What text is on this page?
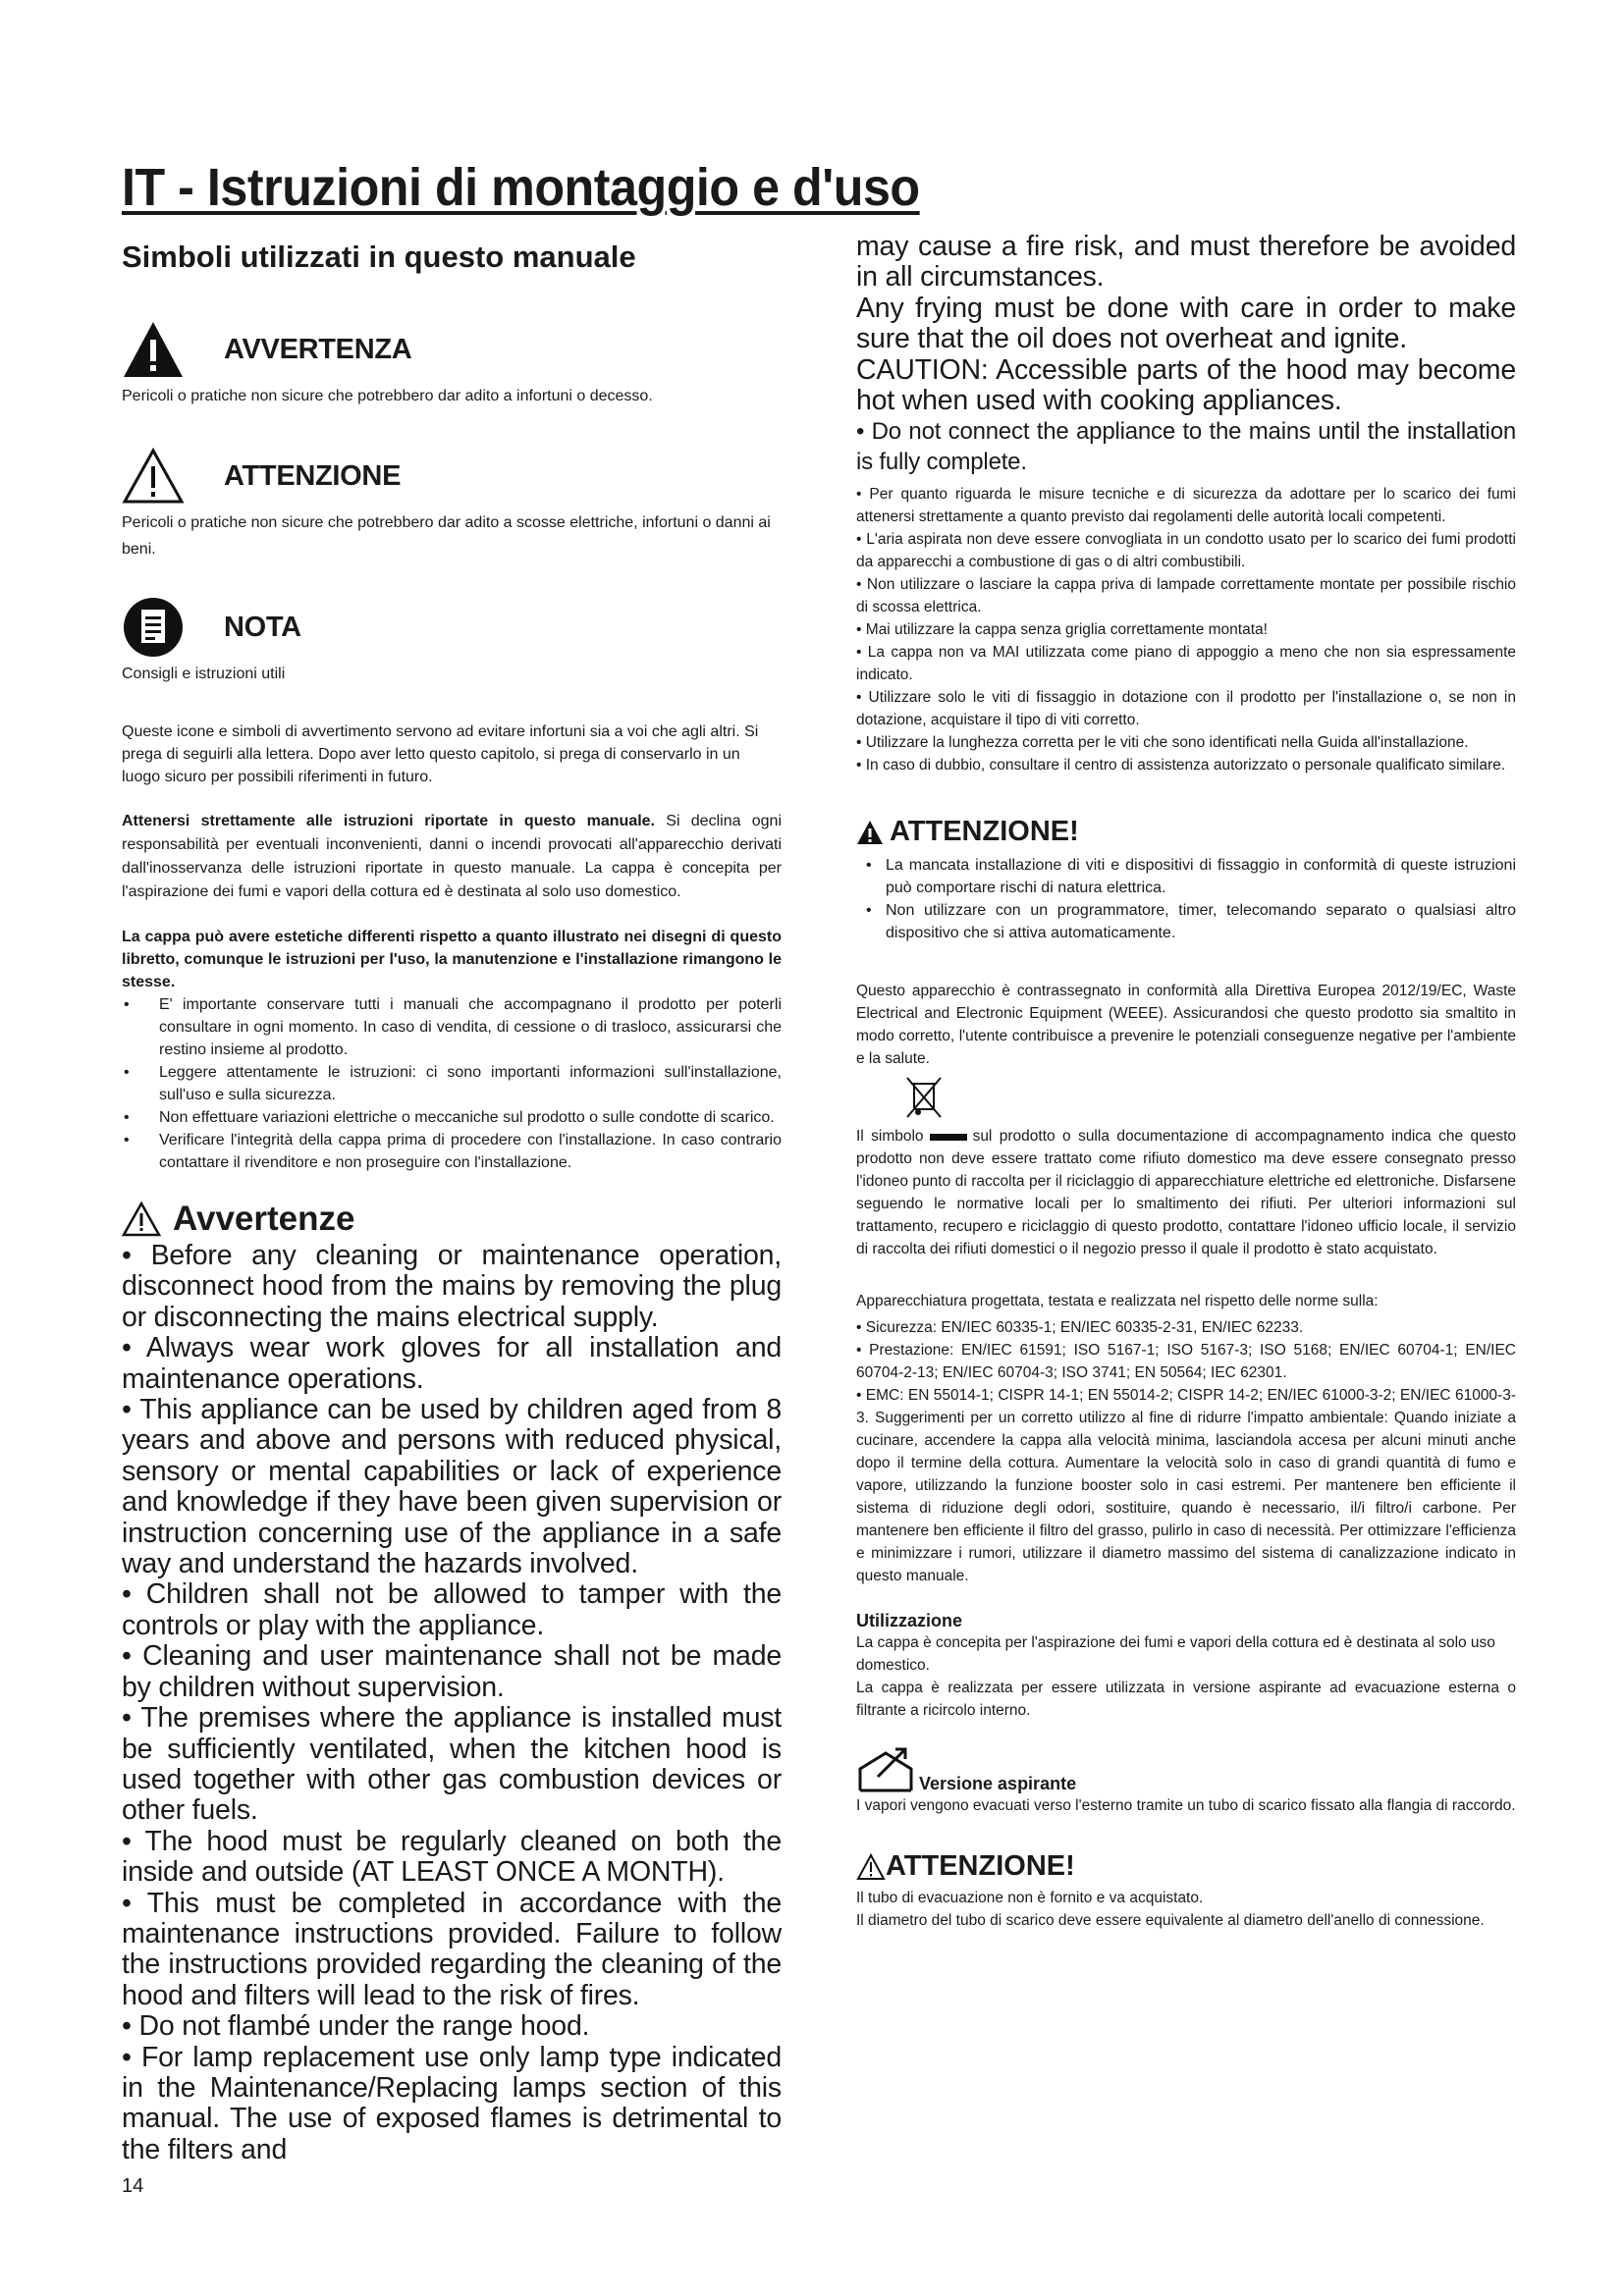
IT - Istruzioni di montaggio e d'uso
Simboli utilizzati in questo manuale
AVVERTENZA

Pericoli o pratiche non sicure che potrebbero dar adito a infortuni o decesso.

ATTENZIONE

Pericoli o pratiche non sicure che potrebbero dar adito a scosse elettriche, infortuni o danni ai beni.

NOTA

Consigli e istruzioni utili

Queste icone e simboli di avvertimento servono ad evitare infortuni sia a voi che agli altri. Si prega di seguirli alla lettera. Dopo aver letto questo capitolo, si prega di conservarlo in un luogo sicuro per possibili riferimenti in futuro.

Attenersi strettamente alle istruzioni riportate in questo manuale. Si declina ogni responsabilità per eventuali inconvenienti, danni o incendi provocati all'apparecchio derivati dall'inosservanza delle istruzioni riportate in questo manuale. La cappa è concepita per l'aspirazione dei fumi e vapori della cottura ed è destinata al solo uso domestico.

La cappa può avere estetiche differenti rispetto a quanto illustrato nei disegni di questo libretto, comunque le istruzioni per l'uso, la manutenzione e l'installazione rimangono le stesse.

• E' importante conservare tutti i manuali che accompagnano il prodotto per poterli consultare in ogni momento. In caso di vendita, di cessione o di trasloco, assicurarsi che restino insieme al prodotto.
• Leggere attentamente le istruzioni: ci sono importanti informazioni sull'installazione, sull'uso e sulla sicurezza.
• Non effettuare variazioni elettriche o meccaniche sul prodotto o sulle condotte di scarico.
• Verificare l'integrità della cappa prima di procedere con l'installazione. In caso contrario contattare il rivenditore e non proseguire con l'installazione.
Avvertenze

• Before any cleaning or maintenance operation, disconnect hood from the mains by removing the plug or disconnecting the mains electrical supply.

• Always wear work gloves for all installation and maintenance operations.

• This appliance can be used by children aged from 8 years and above and persons with reduced physical, sensory or mental capabilities or lack of experience and knowledge if they have been given supervision or instruction concerning use of the appliance in a safe way and understand the hazards involved.

• Children shall not be allowed to tamper with the controls or play with the appliance.

• Cleaning and user maintenance shall not be made by children without supervision.

• The premises where the appliance is installed must be sufficiently ventilated, when the kitchen hood is used together with other gas combustion devices or other fuels.

• The hood must be regularly cleaned on both the inside and outside (AT LEAST ONCE A MONTH).

• This must be completed in accordance with the maintenance instructions provided. Failure to follow the instructions provided regarding the cleaning of the hood and filters will lead to the risk of fires.

• Do not flambé under the range hood.

• For lamp replacement use only lamp type indicated in the Maintenance/Replacing lamps section of this manual. The use of exposed flames is detrimental to the filters and

may cause a fire risk, and must therefore be avoided in all circumstances.

Any frying must be done with care in order to make sure that the oil does not overheat and ignite.

CAUTION: Accessible parts of the hood may become hot when used with cooking appliances.

• Do not connect the appliance to the mains until the installation is fully complete.

• Per quanto riguarda le misure tecniche e di sicurezza da adottare per lo scarico dei fumi attenersi strettamente a quanto previsto dai regolamenti delle autorità locali competenti.

• L'aria aspirata non deve essere convogliata in un condotto usato per lo scarico dei fumi prodotti da apparecchi a combustione di gas o di altri combustibili.

• Non utilizzare o lasciare la cappa priva di lampade correttamente montate per possibile rischio di scossa elettrica.

• Mai utilizzare la cappa senza griglia correttamente montata!

• La cappa non va MAI utilizzata come piano di appoggio a meno che non sia espressamente indicato.

• Utilizzare solo le viti di fissaggio in dotazione con il prodotto per l'installazione o, se non in dotazione, acquistare il tipo di viti corretto.

• Utilizzare la lunghezza corretta per le viti che sono identificati nella Guida all'installazione.

• In caso di dubbio, consultare il centro di assistenza autorizzato o personale qualificato similare.

ATTENZIONE!
• La mancata installazione di viti e dispositivi di fissaggio in conformità di queste istruzioni può comportare rischi di natura elettrica.
• Non utilizzare con un programmatore, timer, telecomando separato o qualsiasi altro dispositivo che si attiva automaticamente.

Questo apparecchio è contrassegnato in conformità alla Direttiva Europea 2012/19/EC, Waste Electrical and Electronic Equipment (WEEE). Assicurandosi che questo prodotto sia smaltito in modo corretto, l'utente contribuisce a prevenire le potenziali conseguenze negative per l'ambiente e la salute.

Il simbolo	sul prodotto o sulla documentazione di accompagnamento indica che questo prodotto non deve essere trattato come rifiuto domestico ma deve essere consegnato presso l'idoneo punto di raccolta per il riciclaggio di apparecchiature elettriche ed elettroniche. Disfarsene seguendo le normative locali per lo smaltimento dei rifiuti. Per ulteriori informazioni sul trattamento, recupero e riciclaggio di questo prodotto, contattare l'idoneo ufficio locale, il servizio di raccolta dei rifiuti domestici o il negozio presso il quale il prodotto è stato acquistato.

Apparecchiatura progettata, testata e realizzata nel rispetto delle norme sulla:

• Sicurezza: EN/IEC 60335-1; EN/IEC 60335-2-31, EN/IEC 62233.

• Prestazione: EN/IEC 61591; ISO 5167-1; ISO 5167-3; ISO 5168; EN/IEC 60704-1; EN/IEC 60704-2-13; EN/IEC 60704-3; ISO 3741; EN 50564; IEC 62301.

• EMC: EN 55014-1; CISPR 14-1; EN 55014-2; CISPR 14-2; EN/IEC 61000-3-2; EN/IEC 61000-3-3. Suggerimenti per un corretto utilizzo al fine di ridurre l'impatto ambientale: Quando iniziate a cucinare, accendere la cappa alla velocità minima, lasciandola accesa per alcuni minuti anche dopo il termine della cottura. Aumentare la velocità solo in caso di grandi quantità di fumo e vapore, utilizzando la funzione booster solo in casi estremi. Per mantenere ben efficiente il sistema di riduzione degli odori, sostituire, quando è necessario, il/i filtro/i carbone. Per mantenere ben efficiente il filtro del grasso, pulirlo in caso di necessità. Per ottimizzare l'efficienza e minimizzare i rumori, utilizzare il diametro massimo del sistema di canalizzazione indicato in questo manuale.

Utilizzazione

La cappa è concepita per l'aspirazione dei fumi e vapori della cottura ed è destinata al solo uso domestico.

La cappa è realizzata per essere utilizzata in versione aspirante ad evacuazione esterna o filtrante a ricircolo interno.

Versione aspirante

I vapori vengono evacuati verso l'esterno tramite un tubo di scarico fissato alla flangia di raccordo.

ATTENZIONE!

Il tubo di evacuazione non è fornito e va acquistato.

Il diametro del tubo di scarico deve essere equivalente al diametro dell'anello di connessione.

14
